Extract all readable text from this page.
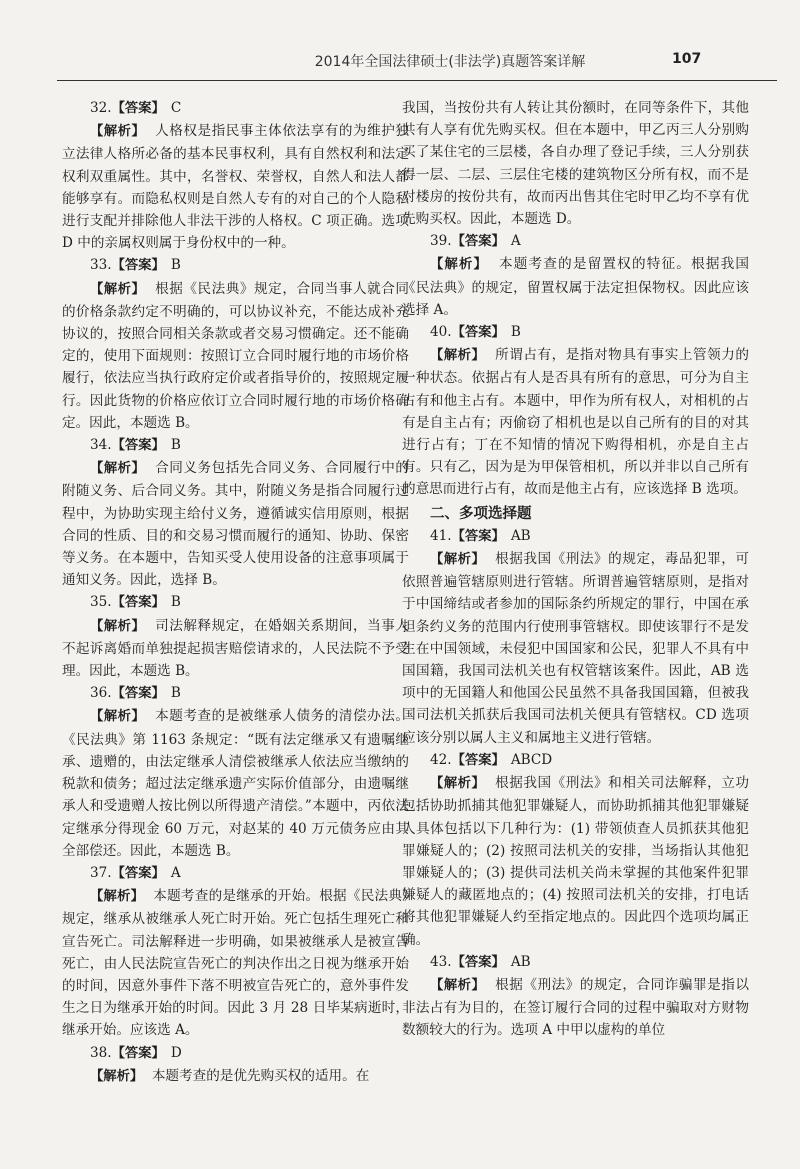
2014年全国法律硕士(非法学)真题答案详解	107

32.【答案】 C

【解析】 人格权是指民事主体依法享有的为维护独立法律人格所必备的基本民事权利，具有自然权利和法定权利双重属性。其中，名誉权、荣誉权，自然人和法人都能够享有。而隐私权则是自然人专有的对自己的个人隐私进行支配并排除他人非法干涉的人格权。C 项正确。选项 D 中的亲属权则属于身份权中的一种。

33.【答案】 B

【解析】 根据《民法典》规定，合同当事人就合同的价格条款约定不明确的，可以协议补充，不能达成补充协议的，按照合同相关条款或者交易习惯确定。还不能确定的，使用下面规则：按照订立合同时履行地的市场价格履行，依法应当执行政府定价或者指导价的，按照规定履行。因此货物的价格应依订立合同时履行地的市场价格确定。因此，本题选 B。

34.【答案】 B

【解析】 合同义务包括先合同义务、合同履行中的附随义务、后合同义务。其中，附随义务是指合同履行过程中，为协助实现主给付义务，遵循诚实信用原则，根据合同的性质、目的和交易习惯而履行的通知、协助、保密等义务。在本题中，告知买受人使用设备的注意事项属于通知义务。因此，选择 B。

35.【答案】 B

【解析】 司法解释规定，在婚姻关系期间，当事人不起诉离婚而单独提起损害赔偿请求的，人民法院不予受理。因此，本题选 B。

36.【答案】 B

【解析】 本题考查的是被继承人债务的清偿办法。《民法典》第 1163 条规定：“既有法定继承又有遗嘱继承、遗赠的，由法定继承人清偿被继承人依法应当缴纳的税款和债务；超过法定继承遗产实际价值部分，由遗嘱继承人和受遗赠人按比例以所得遗产清偿。”本题中，丙依法定继承分得现金 60 万元，对赵某的 40 万元债务应由其全部偿还。因此，本题选 B。

37.【答案】 A

【解析】 本题考查的是继承的开始。根据《民法典》规定，继承从被继承人死亡时开始。死亡包括生理死亡和宣告死亡。司法解释进一步明确，如果被继承人是被宣告死亡，由人民法院宣告死亡的判决作出之日视为继承开始的时间，因意外事件下落不明被宣告死亡的，意外事件发生之日为继承开始的时间。因此 3 月 28 日毕某病逝时，继承开始。应该选 A。

38.【答案】 D

【解析】 本题考查的是优先购买权的适用。在

我国，当按份共有人转让其份额时，在同等条件下，其他共有人享有优先购买权。但在本题中，甲乙丙三人分别购买了某住宅的三层楼，各自办理了登记手续，三人分别获得一层、二层、三层住宅楼的建筑物区分所有权，而不是对楼房的按份共有，故而丙出售其住宅时甲乙均不享有优先购买权。因此，本题选 D。

39.【答案】 A

【解析】 本题考查的是留置权的特征。根据我国《民法典》的规定，留置权属于法定担保物权。因此应该选择 A。

40.【答案】 B

【解析】 所谓占有，是指对物具有事实上管领力的一种状态。依据占有人是否具有所有的意思，可分为自主占有和他主占有。本题中，甲作为所有权人，对相机的占有是自主占有；丙偷窃了相机也是以自己所有的目的对其进行占有；丁在不知情的情况下购得相机，亦是自主占有。只有乙，因为是为甲保管相机，所以并非以自己所有的意思而进行占有，故而是他主占有，应该选择 B 选项。

二、多项选择题

41.【答案】 AB

【解析】 根据我国《刑法》的规定，毒品犯罪，可依照普遍管辖原则进行管辖。所谓普遍管辖原则，是指对于中国缔结或者参加的国际条约所规定的罪行，中国在承担条约义务的范围内行使刑事管辖权。即使该罪行不是发生在中国领域，未侵犯中国国家和公民，犯罪人不具有中国国籍，我国司法机关也有权管辖该案件。因此，AB 选项中的无国籍人和他国公民虽然不具备我国国籍，但被我国司法机关抓获后我国司法机关便具有管辖权。CD 选项应该分别以属人主义和属地主义进行管辖。

42.【答案】 ABCD

【解析】 根据我国《刑法》和相关司法解释，立功包括协助抓捕其他犯罪嫌疑人，而协助抓捕其他犯罪嫌疑人具体包括以下几种行为：(1) 带领侦查人员抓获其他犯罪嫌疑人的；(2) 按照司法机关的安排，当场指认其他犯罪嫌疑人的；(3) 提供司法机关尚未掌握的其他案件犯罪嫌疑人的藏匿地点的；(4) 按照司法机关的安排，打电话将其他犯罪嫌疑人约至指定地点的。因此四个选项均属正确。

43.【答案】 AB

【解析】 根据《刑法》的规定，合同诈骗罪是指以非法占有为目的，在签订履行合同的过程中骗取对方财物数额较大的行为。选项 A 中甲以虚构的单位
